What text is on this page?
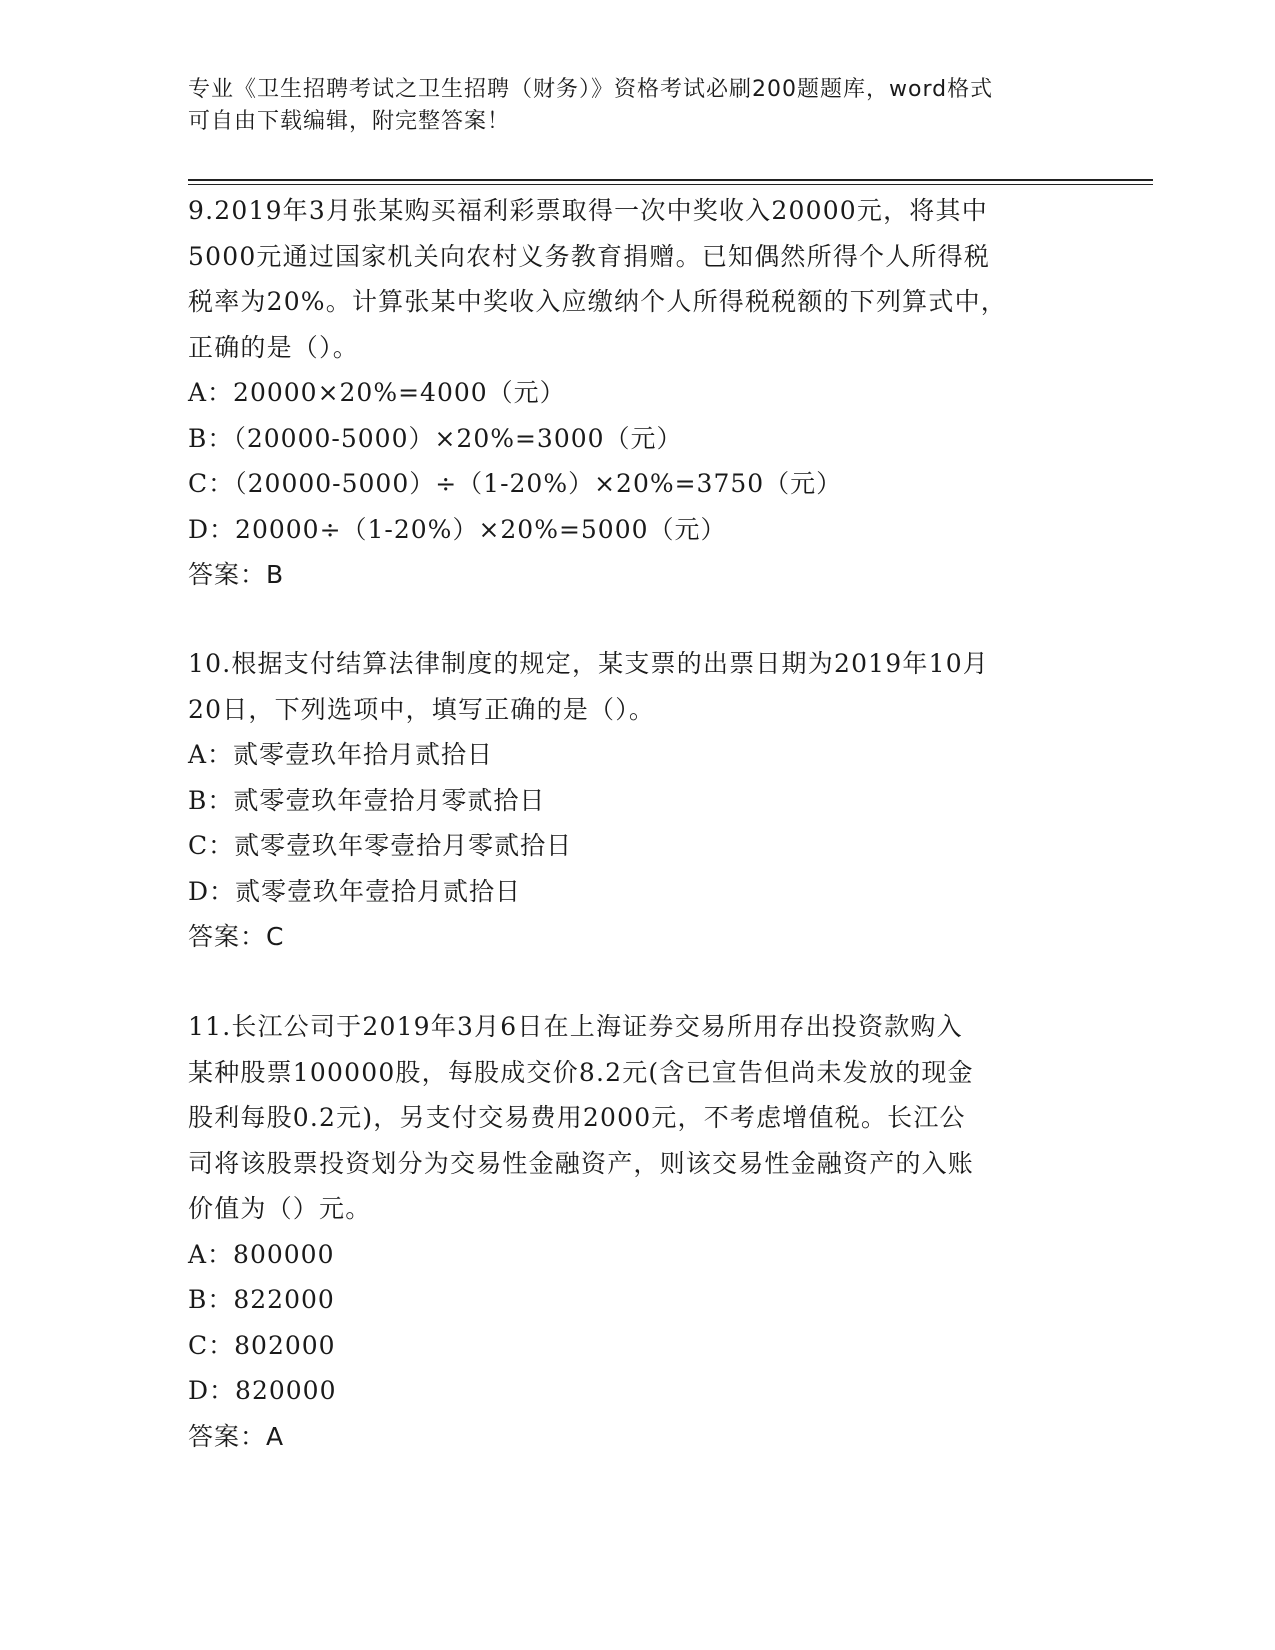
专业《卫生招聘考试之卫生招聘（财务）》资格考试必刷200题题库，word格式
可自由下载编辑，附完整答案！
9.2019年3月张某购买福利彩票取得一次中奖收入20000元，将其中
5000元通过国家机关向农村义务教育捐赠。已知偶然所得个人所得税
税率为20%。计算张某中奖收入应缴纳个人所得税税额的下列算式中，
正确的是（）。
A：20000×20%=4000（元）
B：（20000-5000）×20%=3000（元）
C：（20000-5000）÷（1-20%）×20%=3750（元）
D：20000÷（1-20%）×20%=5000（元）
答案：B
10.根据支付结算法律制度的规定，某支票的出票日期为2019年10月
20日，下列选项中，填写正确的是（）。
A：贰零壹玖年拾月贰拾日
B：贰零壹玖年壹拾月零贰拾日
C：贰零壹玖年零壹拾月零贰拾日
D：贰零壹玖年壹拾月贰拾日
答案：C
11.长江公司于2019年3月6日在上海证券交易所用存出投资款购入
某种股票100000股，每股成交价8.2元(含已宣告但尚未发放的现金
股利每股0.2元)，另支付交易费用2000元，不考虑增值税。长江公
司将该股票投资划分为交易性金融资产，则该交易性金融资产的入账
价值为（）元。
A：800000
B：822000
C：802000
D：820000
答案：A
